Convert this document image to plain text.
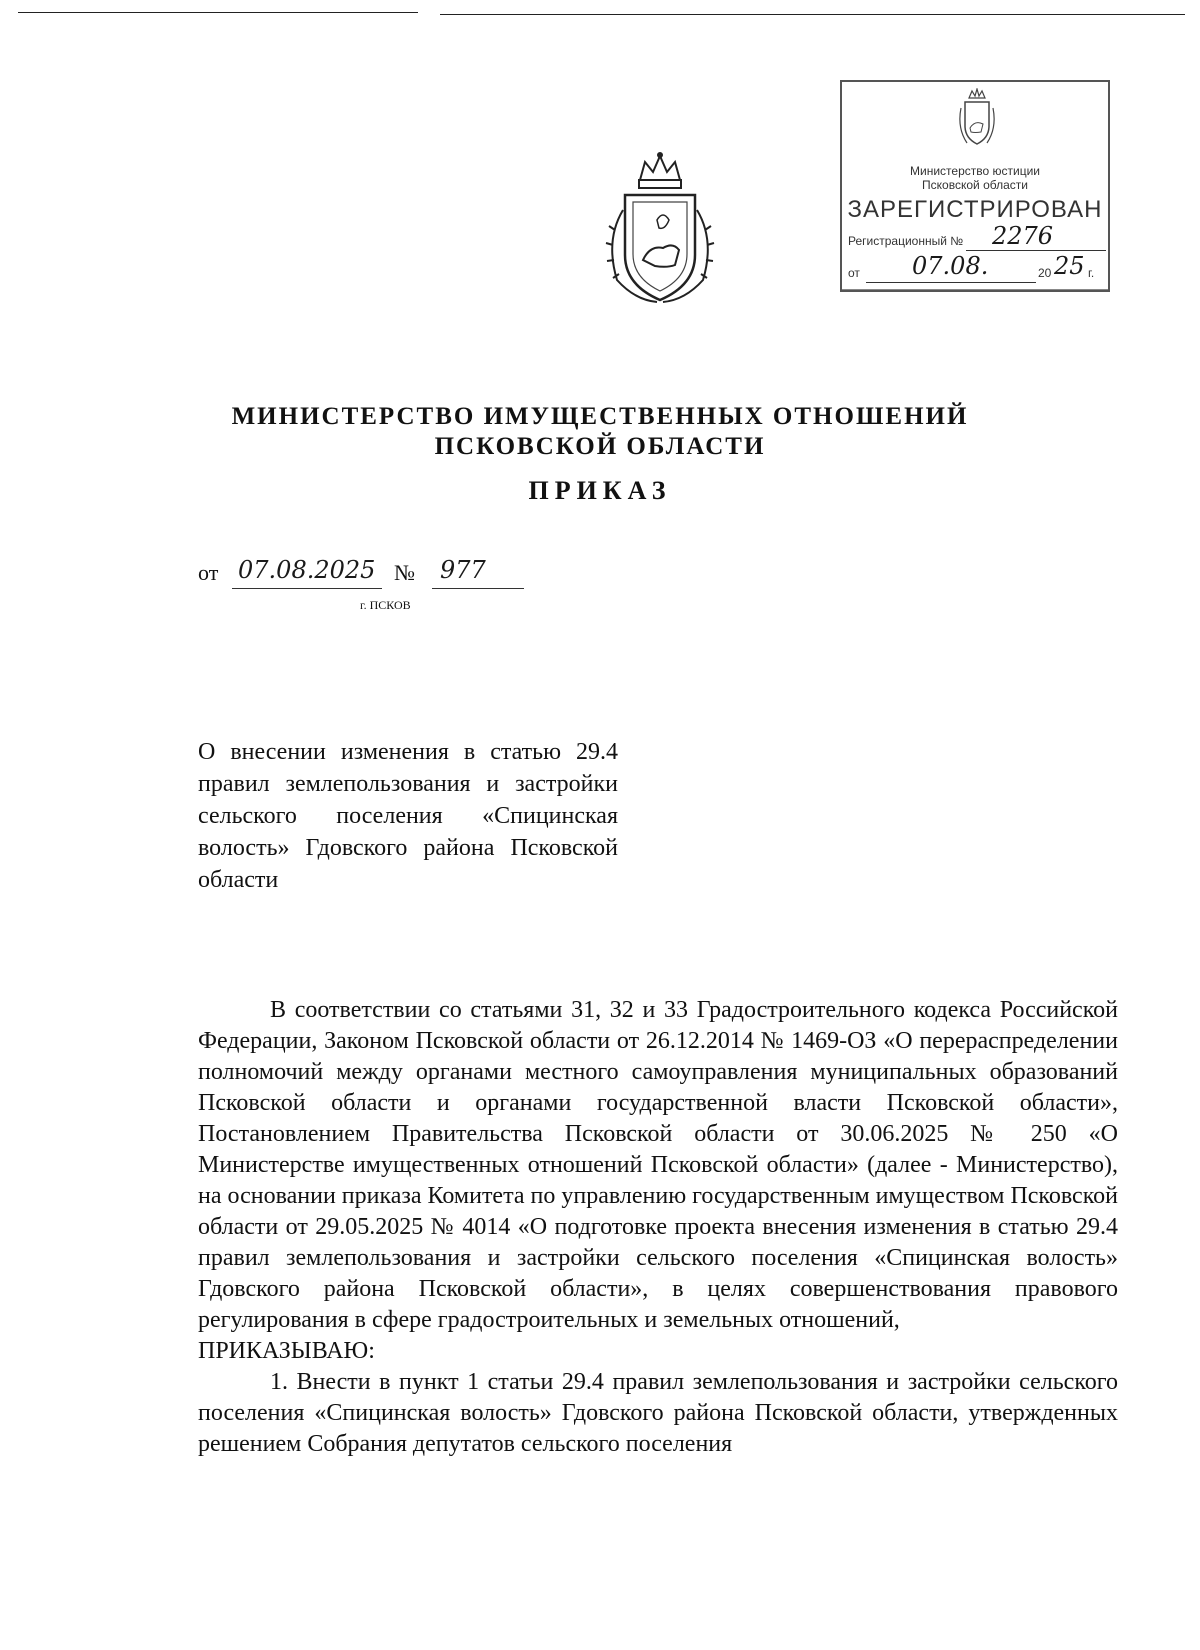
Министерство юстиции
Псковской области
ЗАРЕГИСТРИРОВАН
Регистрационный № 2276
от 07.08.	20 25 г.
МИНИСТЕРСТВО ИМУЩЕСТВЕННЫХ ОТНОШЕНИЙ
ПСКОВСКОЙ ОБЛАСТИ
ПРИКАЗ
от 07.08.2025 № 977
г. ПСКОВ
О внесении изменения в статью 29.4 правил землепользования и застройки сельского поселения «Спицинская волость» Гдовского района Псковской области

В соответствии со статьями 31, 32 и 33 Градостроительного кодекса Российской Федерации, Законом Псковской области от 26.12.2014 № 1469-ОЗ «О перераспределении полномочий между органами местного самоуправления муниципальных образований Псковской области и органами государственной власти Псковской области», Постановлением Правительства Псковской области от 30.06.2025 № 250 «О Министерстве имущественных отношений Псковской области» (далее - Министерство), на основании приказа Комитета по управлению государственным имуществом Псковской области от 29.05.2025 № 4014 «О подготовке проекта внесения изменения в статью 29.4 правил землепользования и застройки сельского поселения «Спицинская волость» Гдовского района Псковской области», в целях совершенствования правового регулирования в сфере градостроительных и земельных отношений,

ПРИКАЗЫВАЮ:

1. Внести в пункт 1 статьи 29.4 правил землепользования и застройки сельского поселения «Спицинская волость» Гдовского района Псковской области, утвержденных решением Собрания депутатов сельского поселения
